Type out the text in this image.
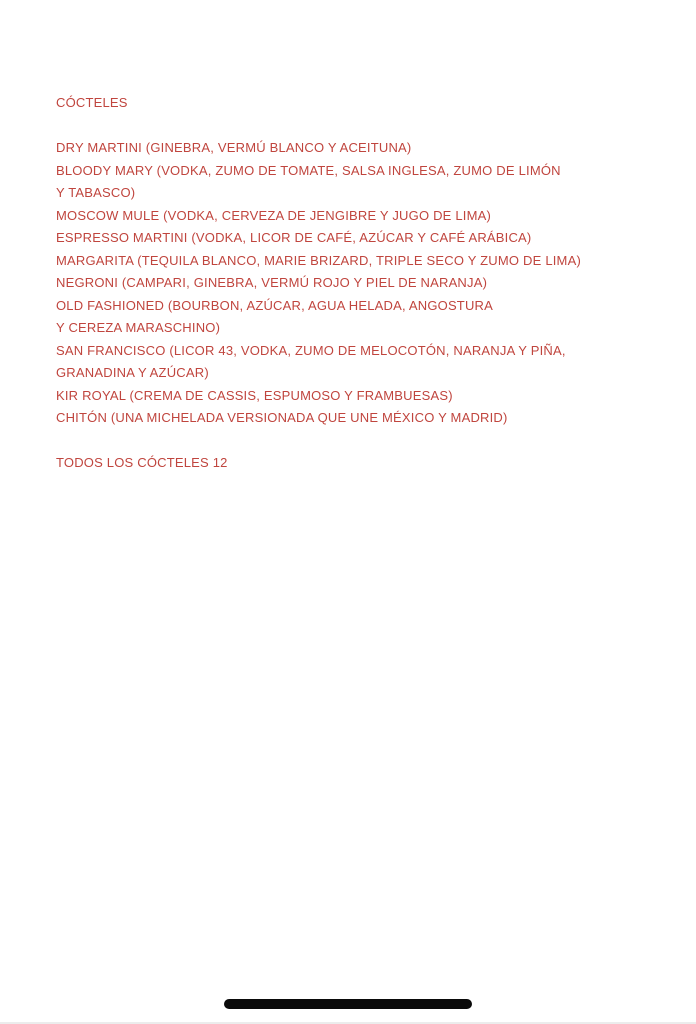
CÓCTELES
DRY MARTINI (GINEBRA, VERMÚ BLANCO Y ACEITUNA)
BLOODY MARY (VODKA, ZUMO DE TOMATE, SALSA INGLESA, ZUMO DE LIMÓN
Y TABASCO)
MOSCOW MULE (VODKA, CERVEZA DE JENGIBRE Y JUGO DE LIMA)
ESPRESSO MARTINI (VODKA, LICOR DE CAFÉ, AZÚCAR Y CAFÉ ARÁBICA)
MARGARITA (TEQUILA BLANCO, MARIE BRIZARD, TRIPLE SECO Y ZUMO DE LIMA)
NEGRONI (CAMPARI, GINEBRA, VERMÚ ROJO Y PIEL DE NARANJA)
OLD FASHIONED (BOURBON, AZÚCAR, AGUA HELADA, ANGOSTURA
Y CEREZA MARASCHINO)
SAN FRANCISCO (LICOR 43, VODKA, ZUMO DE MELOCOTÓN, NARANJA Y PIÑA,
GRANADINA Y AZÚCAR)
KIR ROYAL (CREMA DE CASSIS, ESPUMOSO Y FRAMBUESAS)
CHITÓN (UNA MICHELADA VERSIONADA QUE UNE MÉXICO Y MADRID)

TODOS LOS CÓCTELES 12
